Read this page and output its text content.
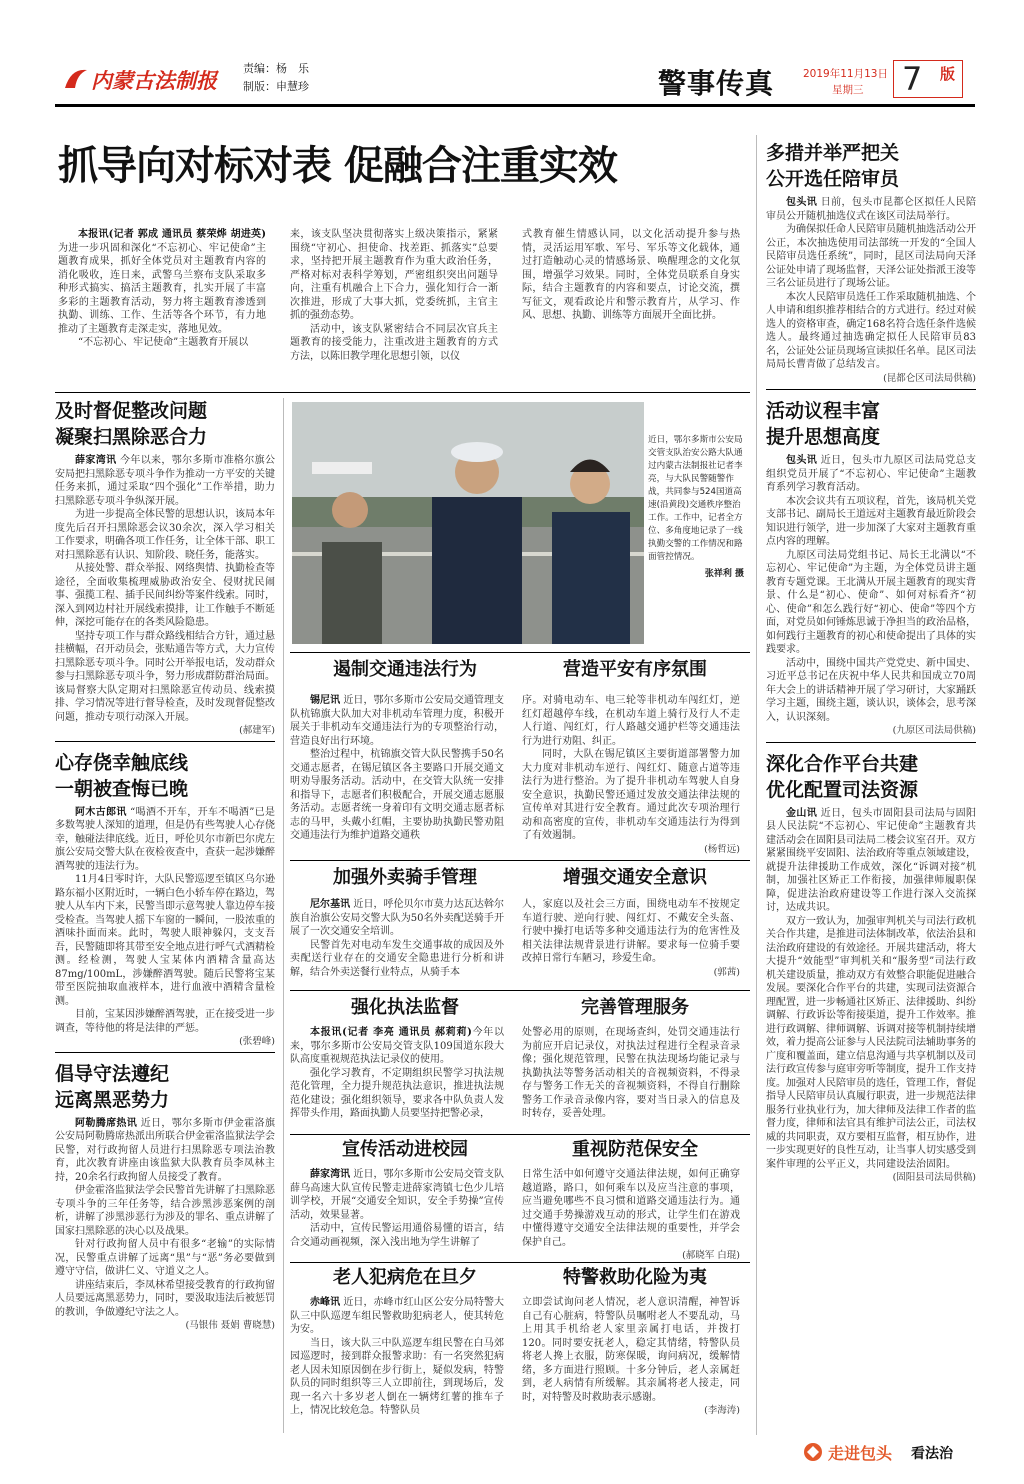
内蒙古法制报 责编：杨　乐
制版：申慧珍	警事传真	2019年11月13日
星期三 7 版
抓导向对标对表 促融合注重实效

本报讯(记者 郭成 通讯员 蔡荣烨 胡进英)为进一步巩固和深化“不忘初心、牢记使命”主题教育成果，抓好全体党员对主题教育内容的消化吸收，连日来，武警乌兰察布支队采取多种形式搞实、搞活主题教育，扎实开展了丰富多彩的主题教育活动，努力将主题教育渗透到执勤、训练、工作、生活等各个环节，有力地推动了主题教育走深走实，落地见效。

“不忘初心、牢记使命”主题教育开展以

来，该支队坚决贯彻落实上级决策指示，紧紧围绕“守初心、担使命、找差距、抓落实”总要求，坚持把开展主题教育作为重大政治任务，严格对标对表科学筹划，严密组织突出问题导向，注重有机融合上下合力，强化知行合一渐次推进，形成了大事大抓，党委统抓，主官主抓的强劲态势。

活动中，该支队紧密结合不同层次官兵主题教育的接受能力，注重改进主题教育的方式方法，以陈旧教学理化思想引领，以仪

式教育催生情感认同，以文化活动提升参与热情，灵活运用军歌、军号、军乐等文化载体，通过打造触动心灵的情感场景、唤醒理念的文化氛围，增强学习效果。同时，全体党员联系自身实际，结合主题教育的内容和要点，讨论交流，撰写征文，观看政论片和警示教育片，从学习、作风、思想、执勤、训练等方面展开全面比拼。

及时督促整改问题
凝聚扫黑除恶合力

薛家湾讯 今年以来，鄂尔多斯市准格尔旗公安局把扫黑除恶专项斗争作为推动一方平安的关键任务来抓，通过采取“四个强化”工作举措，助力扫黑除恶专项斗争纵深开展。

为进一步提高全体民警的思想认识，该局本年度先后召开扫黑除恶会议30余次，深入学习相关工作要求，明确各项工作任务，让全体干部、职工对扫黑除恶有认识、知阶段、晓任务，能落实。

从接处警、群众举报、网络舆情、执勤检查等途径，全面收集梳理威胁政治安全、侵财扰民闹事、强揽工程、插手民间纠纷等案件线索。同时，深入到网边村社开展线索摸排，让工作触手不断延伸，深挖可能存在的各类风险隐患。

坚持专项工作与群众路线相结合方针，通过悬挂横幅，召开动员会，张贴通告等方式，大力宣传扫黑除恶专项斗争。同时公开举报电话，发动群众参与扫黑除恶专项斗争，努力形成群防群治局面。该局督察大队定期对扫黑除恶宣传动员、线索摸排、学习情况等进行督导检查，及时发现督促整改问题，推动专项行动深入开展。

(郝建军)
心存侥幸触底线
一朝被查悔已晚

阿木古郎讯 “喝酒不开车，开车不喝酒”已是多数驾驶人深知的道理，但是仍有些驾驶人心存侥幸，触碰法律底线。近日，呼伦贝尔市新巴尔虎左旗公安局交警大队在夜检夜查中，查获一起涉嫌醉酒驾驶的违法行为。

11月4日零时许，大队民警巡逻至镇区乌尔逊路东福小区附近时，一辆白色小轿车停在路边，驾驶人从车内下来，民警当即示意驾驶人靠边停车接受检查。当驾驶人摇下车窗的一瞬间，一股浓重的酒味扑面而来。此时，驾驶人眼神躲闪，支支吾吾，民警随即将其带至安全地点进行呼气式酒精检测。经检测，驾驶人宝某体内酒精含量高达87mg/100mL，涉嫌醉酒驾驶。随后民警将宝某带至医院抽取血液样本，进行血液中酒精含量检测。

目前，宝某因涉嫌醉酒驾驶，正在接受进一步调查，等待他的将是法律的严惩。

(张碧峰)
倡导守法遵纪
远离黑恶势力

阿勒腾席热讯 近日，鄂尔多斯市伊金霍洛旗公安局阿勒腾席热派出所联合伊金霍洛监狱法学会民警，对行政拘留人员进行扫黑除恶专项法治教育，此次教育讲座由该监狱大队教育员李凤林主持，20余名行政拘留人员接受了教育。

伊金霍洛监狱法学会民警首先讲解了扫黑除恶专项斗争的三年任务等，结合涉黑涉恶案例的剖析，讲解了涉黑涉恶行为涉及的罪名、重点讲解了国家扫黑除恶的决心以及战果。

针对行政拘留人员中有很多“老输”的实际情况，民警重点讲解了远离“黑”与“恶”务必要做到遵守守信，做讲仁义、守道义之人。

讲座结束后，李凤林希望接受教育的行政拘留人员要远离黑恶势力，同时，要汲取违法后被惩罚的教训，争做遵纪守法之人。

(马银伟 聂娟 曹晓慧)
近日，鄂尔多斯市公安局交管支队治安公路大队通过内蒙古法制报社记者李亮，与大队民警随警作战，共同参与524国道高速(沿黄段)交通秩序整治工作。工作中，记者全方位、多角度地记录了一线执勤交警的工作情况和路面管控情况。
张祥利 摄
遏制交通违法行为	营造平安有序氛围

锡尼讯 近日，鄂尔多斯市公安局交通管理支队杭锦旗大队加大对非机动车管理力度，积极开展关于非机动车交通违法行为的专项整治行动，营造良好出行环境。

整治过程中，杭锦旗交管大队民警携手50名交通志愿者，在锡尼镇区各主要路口开展交通文明劝导服务活动。活动中，在交管大队统一安排和指导下，志愿者们积极配合，开展交通志愿服务活动。志愿者统一身着印有文明交通志愿者标志的马甲，头戴小红帽，主要协助执勤民警劝阻交通违法行为维护道路交通秩

序。对骑电动车、电三轮等非机动车闯红灯，逆红灯超越停车线，在机动车道上骑行及行人不走人行道、闯红灯，行人路越交通护栏等交通违法行为进行劝阻、纠正。

同时，大队在锡尼镇区主要街道部署警力加大力度对非机动车逆行、闯红灯、随意占道等违法行为进行整治。为了提升非机动车驾驶人自身安全意识，执勤民警还通过发放交通法律法规的宣传单对其进行安全教育。通过此次专项治理行动和高密度的宣传，非机动车交通违法行为得到了有效遏制。

(杨哲远)
加强外卖骑手管理	增强交通安全意识

尼尔基讯 近日，呼伦贝尔市莫力达瓦达斡尔族自治旗公安局交警大队为50名外卖配送骑手开展了一次交通安全培训。

民警首先对电动车发生交通事故的成因及外卖配送行业存在的交通安全隐患进行分析和讲解，结合外卖送餐行业特点，从骑手本

人，家庭以及社会三方面，围绕电动车不按规定车道行驶、逆向行驶、闯红灯、不戴安全头盔、行驶中操打电话等多种交通违法行为的危害性及相关法律法规背景进行讲解。要求每一位骑手要改掉日常行车陋习，珍爱生命。

(郭茜)
强化执法监督	完善管理服务

本报讯(记者 李亮 通讯员 郝莉莉)今年以来，鄂尔多斯市公安局交管支队109国道东段大队高度重视规范执法记录仪的使用。

强化学习教育，不定期组织民警学习执法规范化管理，全力提升规范执法意识，推进执法规范化建设；强化组织领导，要求各中队负责人发挥带头作用，路面执勤人员要坚持把警必录，

处警必用的原则，在现场查纠，处罚交通违法行为前应开启记录仪，对执法过程进行全程录音录像；强化规范管理，民警在执法现场均能记录与执勤执法等警务活动相关的音视频资料，不得录存与警务工作无关的音视频资料，不得自行删除警务工作录音录像内容，要对当日录入的信息及时转存，妥善处理。

宣传活动进校园	重视防范保安全

薛家湾讯 近日，鄂尔多斯市公安局交管支队薛乌高速大队宣传民警走进薛家湾镇七色少儿培训学校，开展“交通安全知识，安全手势操”宣传活动，效果显著。

活动中，宣传民警运用通俗易懂的语言，结合交通动画视频，深入浅出地为学生讲解了

日常生活中如何遵守交通法律法规，如何正确穿越道路，路口，如何乘车以及应当注意的事项，应当避免哪些不良习惯和道路交通违法行为。通过交通手势操游戏互动的形式，让学生们在游戏中懂得遵守交通安全法律法规的重要性，并学会保护自己。

(郝晓军 白琨)
老人犯病危在旦夕	特警救助化险为夷

赤峰讯 近日，赤峰市红山区公安分局特警大队三中队巡逻车组民警救助犯病老人，使其转危为安。

当日，该大队三中队巡逻车组民警在白马郊园巡逻时，接到群众报警求助：有一名突然犯病老人因未知原因倒在步行街上，疑似发病，特警队员的同时组织等三人立即前往，到现场后，发现一名六十多岁老人倒在一辆烤红薯的推车子上，情况比较危急。特警队员

立即尝试询问老人情况，老人意识清醒，神智诉自己有心脏病，特警队员嘱咐老人不要乱动，马上用其手机给老人家里亲属打电话，并拨打120。同时要安抚老人，稳定其情绪，特警队员将老人搀上衣服，防寒保暖，询问病况，缓解情绪，多方面进行照顾。十多分钟后，老人亲属赶到，老人病情有所缓解。其亲属将老人接走，同时，对特警及时救助表示感谢。

(李海涛)
多措并举严把关
公开选任陪审员

包头讯 日前，包头市昆都仑区拟任人民陪审员公开随机抽选仪式在该区司法局举行。

为确保拟任命人民陪审员随机抽选活动公开公正，本次抽选使用司法部统一开发的“全国人民陪审员选任系统”，同时，昆区司法局向天泽公证处申请了现场监督，天泽公证处指派王浚等三名公证员进行了现场公证。

本次人民陪审员选任工作采取随机抽选、个人申请和组织推荐相结合的方式进行。经过对候选人的资格审查，确定168名符合选任条件选候选人。最终通过抽选确定拟任人民陪审员83名，公证处公证员现场宣读拟任名单。昆区司法局局长曹青做了总结发言。

(昆都仑区司法局供稿)
活动议程丰富
提升思想高度

包头讯 近日，包头市九原区司法局党总支组织党员开展了“不忘初心、牢记使命”主题教育系列学习教育活动。

本次会议共有五项议程，首先，该局机关党支部书记、副局长王道远对主题教育最近阶段会知识进行领学，进一步加深了大家对主题教育重点内容的理解。

九原区司法局党组书记、局长王北满以“不忘初心、牢记使命”为主题，为全体党员讲主题教育专题党课。王北满从开展主题教育的现实背景、什么是“初心、使命”、如何对标看齐“初心、使命”和怎么践行好“初心、使命”等四个方面，对党员如何锤炼思诚于净担当的政治品格，如何践行主题教育的初心和使命提出了具体的实践要求。

活动中，围绕中国共产党党史、新中国史、习近平总书记在庆祝中华人民共和国成立70周年大会上的讲话精神开展了学习研讨，大家踊跃学习主题，围绕主题，谈认识，谈体会，思考深入，认识深刻。

(九原区司法局供稿)
深化合作平台共建
优化配置司法资源

金山讯 近日，包头市固阳县司法局与固阳县人民法院“不忘初心、牢记使命”主题教育共建活动会在固阳县司法局二楼会议室召开。双方紧紧围绕平安固阳、法治政府等重点领域建设，就提升法律援助工作成效，深化“诉调对接”机制，加强社区矫正工作衔接，加强律师履职保障，促进法治政府建设等工作进行深入交流探讨，达成共识。

双方一致认为，加强审判机关与司法行政机关合作共建，是推进司法体制改革，依法治县和法治政府建设的有效途径。开展共建活动，将大大提升“效能型”审判机关和“服务型”司法行政机关建设质量，推动双方有效整合职能促进融合发展。要深化合作平台的共建，实现司法资源合理配置，进一步畅通社区矫正、法律援助、纠纷调解、行政诉讼等衔接渠道，提升工作效率。推进行政调解、律师调解、诉调对接等机制持续增效，着力提高公证参与人民法院司法辅助事务的广度和覆盖面，建立信息沟通与共享机制以及司法行政宣传参与庭审旁听等制度，提升工作支持度。加强对人民陪审员的选任，管理工作，督促指导人民陪审员认真履行职责，进一步规范法律服务行业执业行为，加大律师及法律工作者的监督力度，律师和法官具有维护司法公正，司法权威的共同职责，双方要相互监督，相互协作，进一步实现更好的良性互动，让当事人切实感受到案件审理的公平正义，共同建设法治固阳。

(固阳县司法局供稿)
走进包头 看法治
